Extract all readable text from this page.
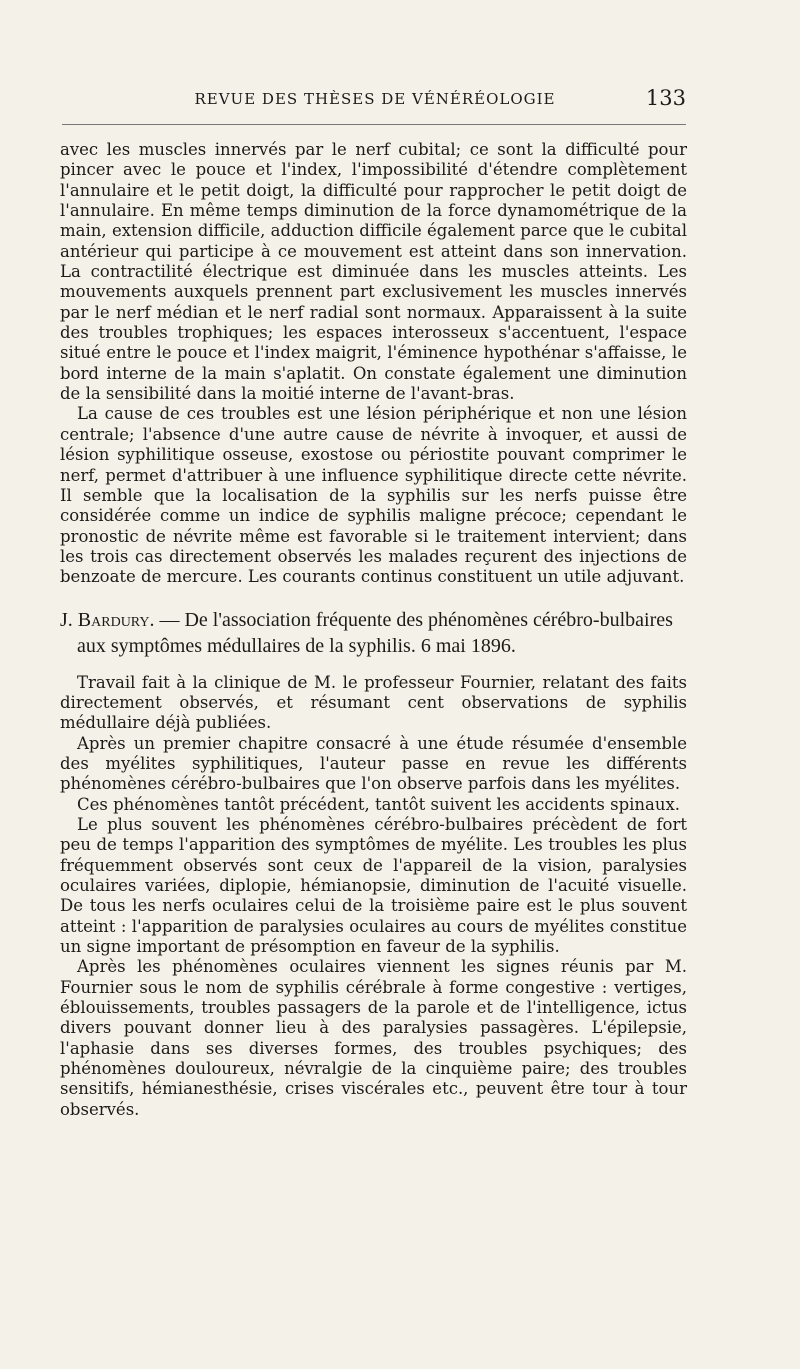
REVUE DES THÈSES DE VÉNÉRÉOLOGIE	133

avec les muscles innervés par le nerf cubital; ce sont la difficulté pour pincer avec le pouce et l'index, l'impossibilité d'étendre complètement l'annulaire et le petit doigt, la difficulté pour rapprocher le petit doigt de l'annulaire. En même temps diminution de la force dynamométrique de la main, extension difficile, adduction difficile également parce que le cubital antérieur qui participe à ce mouvement est atteint dans son innervation. La contractilité électrique est diminuée dans les muscles atteints. Les mouvements auxquels prennent part exclusivement les muscles innervés par le nerf médian et le nerf radial sont normaux. Apparaissent à la suite des troubles trophiques; les espaces interosseux s'accentuent, l'espace situé entre le pouce et l'index maigrit, l'éminence hypothénar s'affaisse, le bord interne de la main s'aplatit. On constate également une diminution de la sensibilité dans la moitié interne de l'avant-bras.

La cause de ces troubles est une lésion périphérique et non une lésion centrale; l'absence d'une autre cause de névrite à invoquer, et aussi de lésion syphilitique osseuse, exostose ou périostite pouvant comprimer le nerf, permet d'attribuer à une influence syphilitique directe cette névrite. Il semble que la localisation de la syphilis sur les nerfs puisse être considérée comme un indice de syphilis maligne précoce; cependant le pronostic de névrite même est favorable si le traitement intervient; dans les trois cas directement observés les malades reçurent des injections de benzoate de mercure. Les courants continus constituent un utile adjuvant.

J. Bardury. — De l'association fréquente des phénomènes cérébro-bulbaires aux symptômes médullaires de la syphilis. 6 mai 1896.

Travail fait à la clinique de M. le professeur Fournier, relatant des faits directement observés, et résumant cent observations de syphilis médullaire déjà publiées.

Après un premier chapitre consacré à une étude résumée d'ensemble des myélites syphilitiques, l'auteur passe en revue les différents phénomènes cérébro-bulbaires que l'on observe parfois dans les myélites.

Ces phénomènes tantôt précédent, tantôt suivent les accidents spinaux.

Le plus souvent les phénomènes cérébro-bulbaires précèdent de fort peu de temps l'apparition des symptômes de myélite. Les troubles les plus fréquemment observés sont ceux de l'appareil de la vision, paralysies oculaires variées, diplopie, hémianopsie, diminution de l'acuité visuelle. De tous les nerfs oculaires celui de la troisième paire est le plus souvent atteint : l'apparition de paralysies oculaires au cours de myélites constitue un signe important de présomption en faveur de la syphilis.

Après les phénomènes oculaires viennent les signes réunis par M. Fournier sous le nom de syphilis cérébrale à forme congestive : vertiges, éblouissements, troubles passagers de la parole et de l'intelligence, ictus divers pouvant donner lieu à des paralysies passagères. L'épilepsie, l'aphasie dans ses diverses formes, des troubles psychiques; des phénomènes douloureux, névralgie de la cinquième paire; des troubles sensitifs, hémianesthésie, crises viscérales etc., peuvent être tour à tour observés.
